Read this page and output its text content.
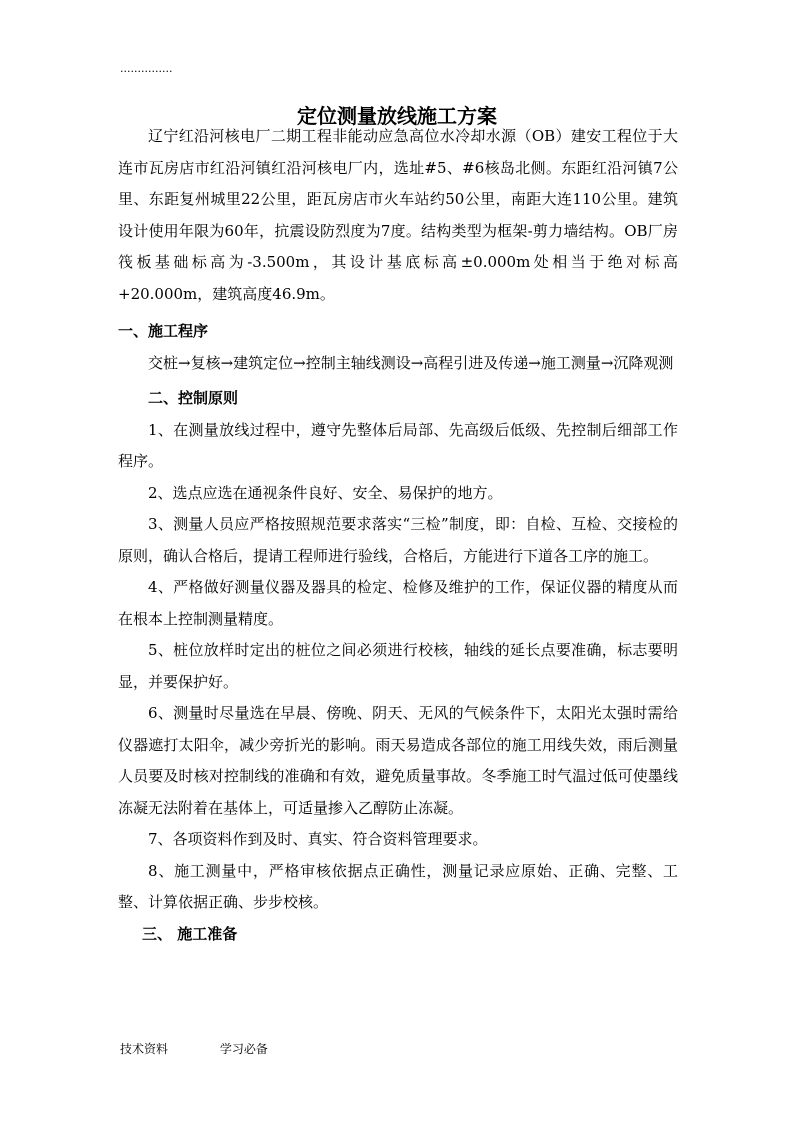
...............
定位测量放线施工方案

辽宁红沿河核电厂二期工程非能动应急高位水冷却水源（OB）建安工程位于大连市瓦房店市红沿河镇红沿河核电厂内，选址#5、#6核岛北侧。东距红沿河镇7公里、东距复州城里22公里，距瓦房店市火车站约50公里，南距大连110公里。建筑设计使用年限为60年，抗震设防烈度为7度。结构类型为框架-剪力墙结构。OB厂房筏板基础标高为-3.500m，其设计基底标高±0.000m处相当于绝对标高+20.000m，建筑高度46.9m。

一、施工程序

交桩→复核→建筑定位→控制主轴线测设→高程引进及传递→施工测量→沉降观测

二、控制原则

1、在测量放线过程中，遵守先整体后局部、先高级后低级、先控制后细部工作程序。

2、选点应选在通视条件良好、安全、易保护的地方。

3、测量人员应严格按照规范要求落实“三检”制度，即：自检、互检、交接检的原则，确认合格后，提请工程师进行验线，合格后，方能进行下道各工序的施工。

4、严格做好测量仪器及器具的检定、检修及维护的工作，保证仪器的精度从而在根本上控制测量精度。

5、桩位放样时定出的桩位之间必须进行校核，轴线的延长点要准确，标志要明显，并要保护好。

6、测量时尽量选在早晨、傍晚、阴天、无风的气候条件下，太阳光太强时需给仪器遮打太阳伞，减少旁折光的影响。雨天易造成各部位的施工用线失效，雨后测量人员要及时核对控制线的准确和有效，避免质量事故。冬季施工时气温过低可使墨线冻凝无法附着在基体上，可适量掺入乙醇防止冻凝。

7、各项资料作到及时、真实、符合资料管理要求。

8、施工测量中，严格审核依据点正确性，测量记录应原始、正确、完整、工整、计算依据正确、步步校核。

三、 施工准备

技术资料	学习必备
